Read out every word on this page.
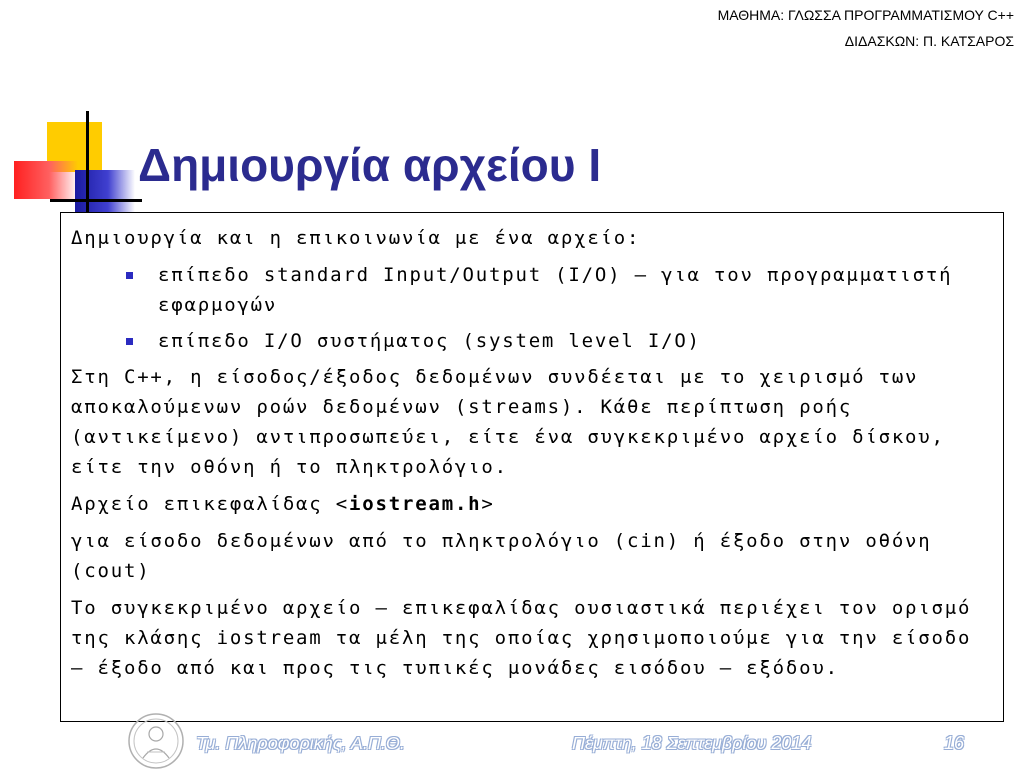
ΜΑΘΗΜΑ: ΓΛΩΣΣΑ ΠΡΟΓΡΑΜΜΑΤΙΣΜΟΥ C++
ΔΙΔΑΣΚΩΝ: Π. ΚΑΤΣΑΡΟΣ
Δημιουργία αρχείου Ι

Δημιουργία και η επικοινωνία με ένα αρχείο:

επίπεδο standard Input/Output (I/O) – για τον προγραμματιστή εφαρμογών
επίπεδο I/O συστήματος (system level I/O)

Στη C++, η είσοδος/έξοδος δεδομένων συνδέεται με το χειρισμό των αποκαλούμενων ροών δεδομένων (streams). Κάθε περίπτωση ροής (αντικείμενο) αντιπροσωπεύει, είτε ένα συγκεκριμένο αρχείο δίσκου, είτε την οθόνη ή το πληκτρολόγιο.

Αρχείο επικεφαλίδας <iostream.h>

για είσοδο δεδομένων από το πληκτρολόγιο (cin) ή έξοδο στην οθόνη (cout)

Το συγκεκριμένο αρχείο – επικεφαλίδας ουσιαστικά περιέχει τον ορισμό της κλάσης iostream τα μέλη της οποίας χρησιμοποιούμε για την είσοδο – έξοδο από και προς τις τυπικές μονάδες εισόδου – εξόδου.

Τμ. Πληροφορικής, Α.Π.Θ.	Πέμπτη, 18 Σεπτεμβρίου 2014	16
